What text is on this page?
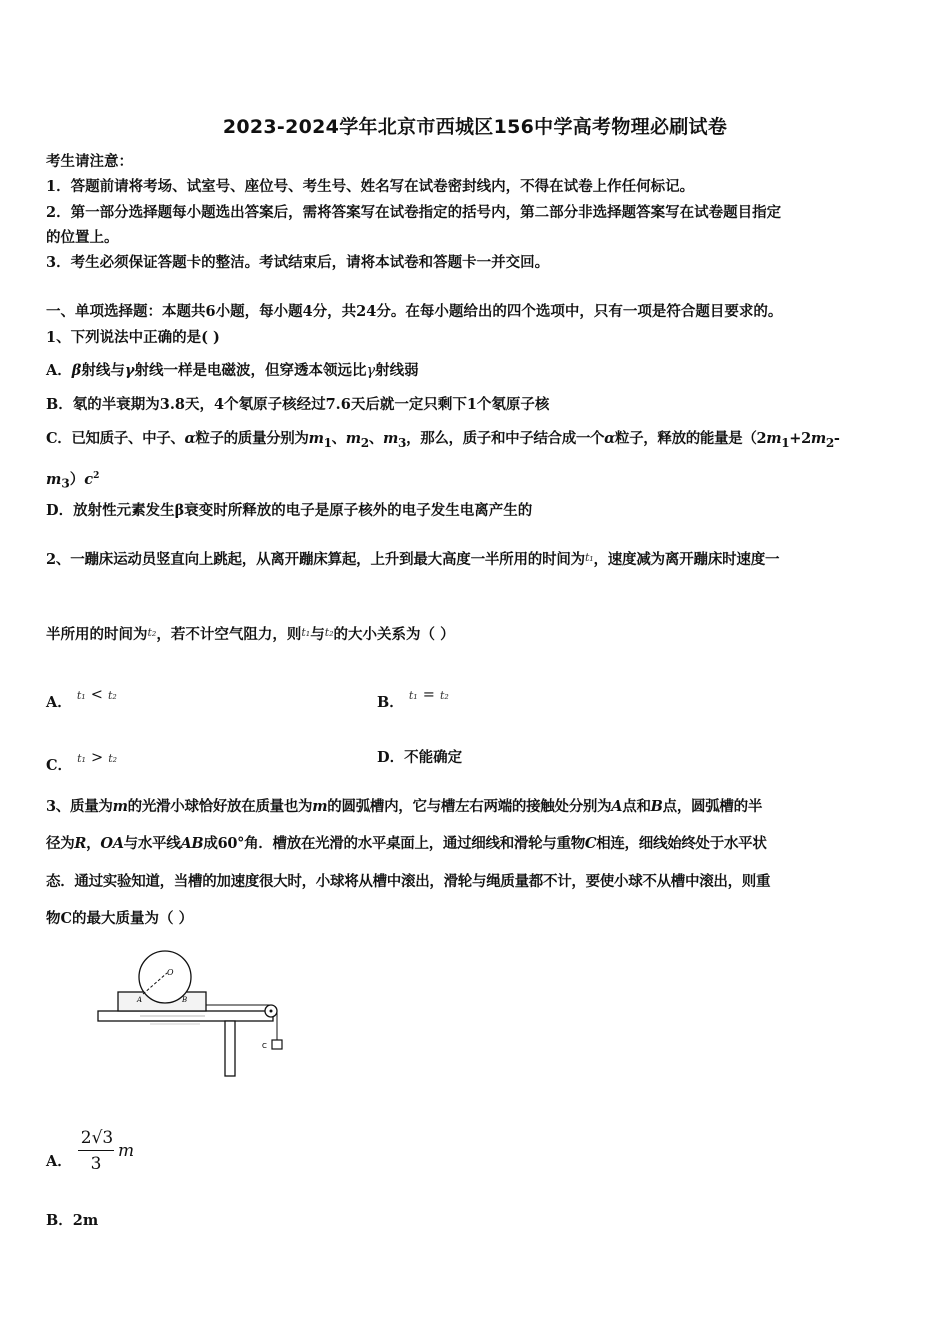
2023-2024学年北京市西城区156中学高考物理必刷试卷
考生请注意：
1．答题前请将考场、试室号、座位号、考生号、姓名写在试卷密封线内，不得在试卷上作任何标记。
2．第一部分选择题每小题选出答案后，需将答案写在试卷指定的括号内，第二部分非选择题答案写在试卷题目指定
的位置上。
3．考生必须保证答题卡的整洁。考试结束后，请将本试卷和答题卡一并交回。
一、单项选择题：本题共6小题，每小题4分，共24分。在每小题给出的四个选项中，只有一项是符合题目要求的。
1、下列说法中正确的是( )
A．β射线与γ射线一样是电磁波，但穿透本领远比γ射线弱
B．氡的半衰期为3.8天，4个氡原子核经过7.6天后就一定只剩下1个氡原子核
C．已知质子、中子、α粒子的质量分别为$m_1$、$m_2$、$m_3$，那么，质子和中子结合成一个α粒子，释放的能量是（$2m_1+2m_2-$
$m_3)c^2$
D．放射性元素发生β衰变时所释放的电子是原子核外的电子发生电离产生的
2、一蹦床运动员竖直向上跳起，从离开蹦床算起，上升到最大高度一半所用的时间为t₁，速度减为离开蹦床时速度一
半所用的时间为t₂，若不计空气阻力，则t₁与t₂的大小关系为（ ）
A． t₁ < t₂	B． t₁ = t₂
C． t₁ > t₂	D．不能确定
3、质量为m的光滑小球恰好放在质量也为m的圆弧槽内，它与槽左右两端的接触处分别为A点和B点，圆弧槽的半
径为R，OA与水平线AB成60°角．槽放在光滑的水平桌面上，通过细线和滑轮与重物C相连，细线始终处于水平状
态．通过实验知道，当槽的加速度很大时，小球将从槽中滚出，滑轮与绳质量都不计，要使小球不从槽中滚出，则重
物C的最大质量为（ ）
O
A	B
C
A．
2√3
3
m
B．2m
